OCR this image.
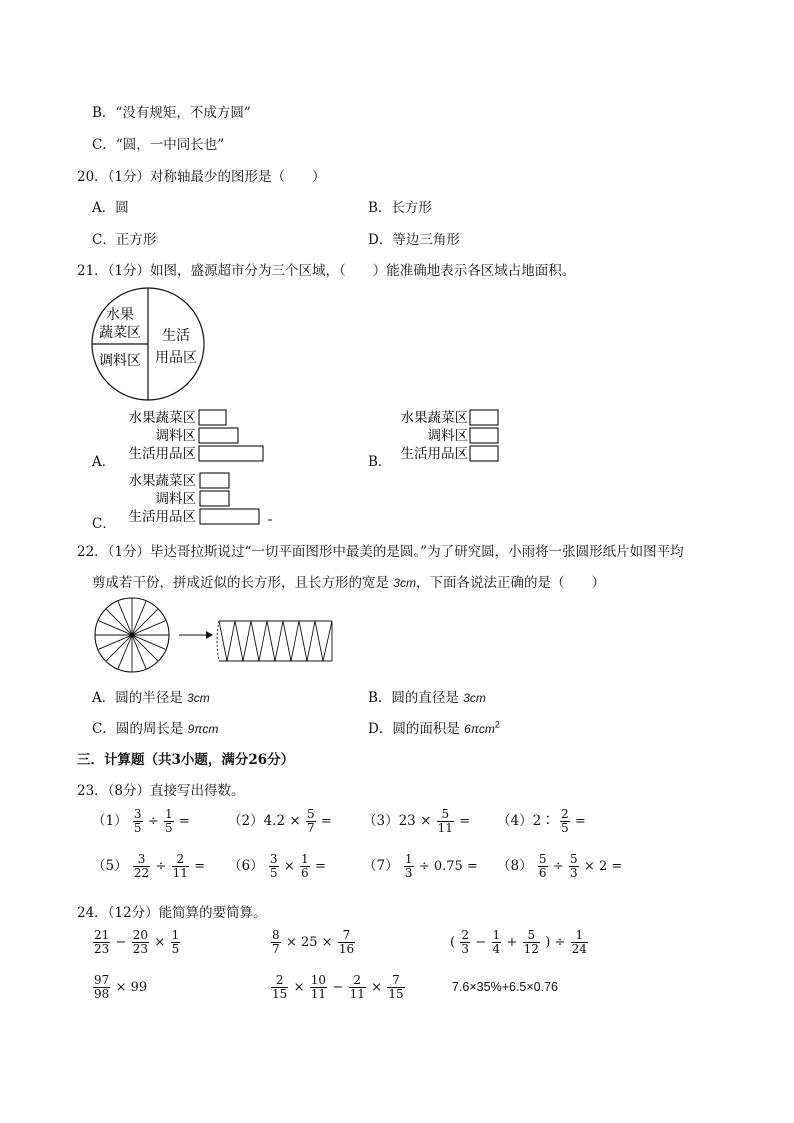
B．“没有规矩，不成方圆”
C．“圆，一中同长也”
20．（1分）对称轴最少的图形是（　　）
A．圆	B．长方形
C．正方形	D．等边三角形
21．（1分）如图，盛源超市分为三个区域，（　　）能准确地表示各区域占地面积。
水果
蔬菜区
调料区
生活
用品区
A．
水果蔬菜区
调料区
生活用品区	B．
水果蔬菜区
调料区
生活用品区
C．
水果蔬菜区
调料区
生活用品区
22．（1分）毕达哥拉斯说过“一切平面图形中最美的是圆。”为了研究圆，小雨将一张圆形纸片如图平均
剪成若干份，拼成近似的长方形，且长方形的宽是 3cm，下面各说法正确的是（　　）
A．圆的半径是 3cm	B．圆的直径是 3cm
C．圆的周长是 9πcm	D．圆的面积是 6πcm$^2$
三．计算题（共3小题，满分26分）
23．（8分）直接写出得数。
$(1) \frac{3}{5} \div \frac{1}{5}$ =	$(2)4.2 \times \frac{5}{7} = (3)23 \times \frac{5}{11}$ = （4）2∶ $\frac{2}{5}$ =
$(5) \frac{3}{22} \div \frac{2}{11} = (6) \frac{3}{5} \times \frac{1}{6}$ =	$(7) \frac{1}{3} \div 0.75 = (8) \frac{5}{6} \div \frac{5}{3} \times 2$ =
24．（12分）能简算的要简算。
$\frac{21}{23} - \frac{20}{23} \times \frac{1}{5}$	$\frac{8}{7} \times 25 \times \frac{7}{16}$	( $\frac{2}{3} - \frac{1}{4} + \frac{5}{12}$ ) ÷ $\frac{1}{24}$
$\frac{97}{98} \times 99$	$\frac{2}{15} \times \frac{10}{11} - \frac{2}{11} \times \frac{7}{15}$	7.6×35%+6.5×0.76
